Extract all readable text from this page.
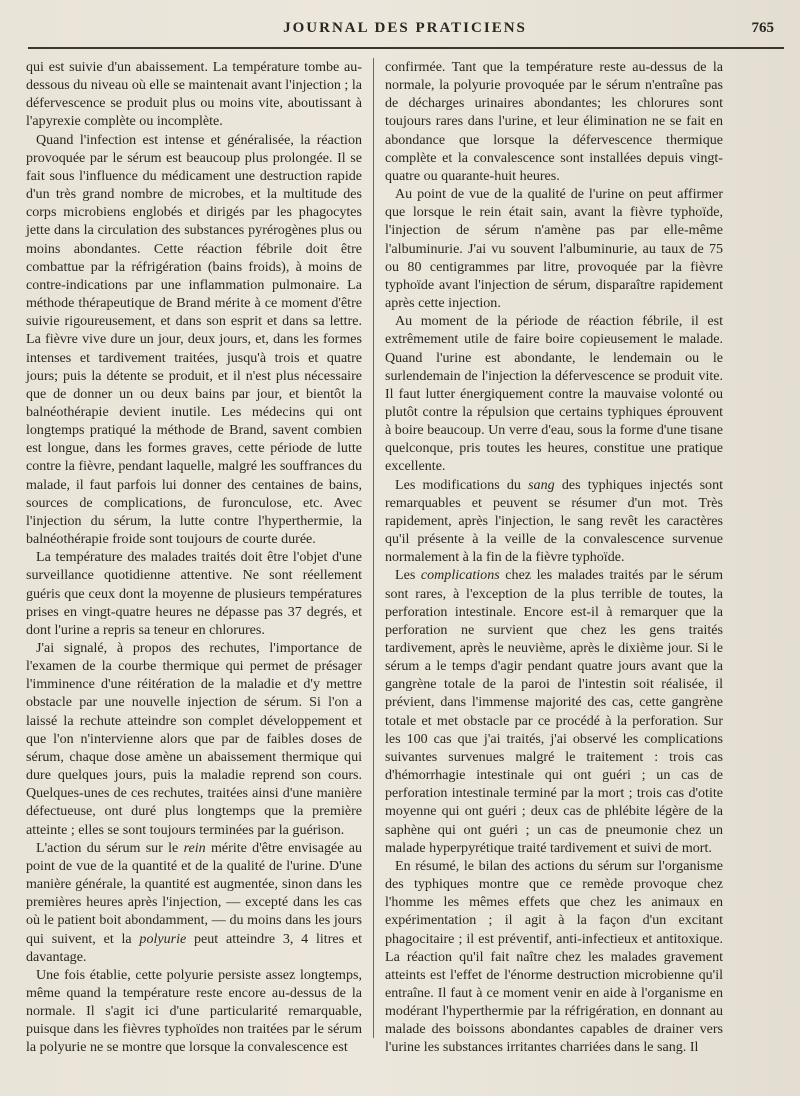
JOURNAL DES PRATICIENS	765

qui est suivie d'un abaissement. La température tombe au-dessous du niveau où elle se maintenait avant l'injection ; la défervescence se produit plus ou moins vite, aboutissant à l'apyrexie complète ou incomplète.

Quand l'infection est intense et généralisée, la réaction provoquée par le sérum est beaucoup plus prolongée. Il se fait sous l'influence du médicament une destruction rapide d'un très grand nombre de microbes, et la multitude des corps microbiens englobés et dirigés par les phagocytes jette dans la circulation des substances pyrérogènes plus ou moins abondantes. Cette réaction fébrile doit être combattue par la réfrigération (bains froids), à moins de contre-indications par une inflammation pulmonaire. La méthode thérapeutique de Brand mérite à ce moment d'être suivie rigoureusement, et dans son esprit et dans sa lettre. La fièvre vive dure un jour, deux jours, et, dans les formes intenses et tardivement traitées, jusqu'à trois et quatre jours; puis la détente se produit, et il n'est plus nécessaire que de donner un ou deux bains par jour, et bientôt la balnéothérapie devient inutile. Les médecins qui ont longtemps pratiqué la méthode de Brand, savent combien est longue, dans les formes graves, cette période de lutte contre la fièvre, pendant laquelle, malgré les souffrances du malade, il faut parfois lui donner des centaines de bains, sources de complications, de furonculose, etc. Avec l'injection du sérum, la lutte contre l'hyperthermie, la balnéothérapie froide sont toujours de courte durée.

La température des malades traités doit être l'objet d'une surveillance quotidienne attentive. Ne sont réellement guéris que ceux dont la moyenne de plusieurs températures prises en vingt-quatre heures ne dépasse pas 37 degrés, et dont l'urine a repris sa teneur en chlorures.

J'ai signalé, à propos des rechutes, l'importance de l'examen de la courbe thermique qui permet de présager l'imminence d'une réitération de la maladie et d'y mettre obstacle par une nouvelle injection de sérum. Si l'on a laissé la rechute atteindre son complet développement et que l'on n'intervienne alors que par de faibles doses de sérum, chaque dose amène un abaissement thermique qui dure quelques jours, puis la maladie reprend son cours. Quelques-unes de ces rechutes, traitées ainsi d'une manière défectueuse, ont duré plus longtemps que la première atteinte ; elles se sont toujours terminées par la guérison.

L'action du sérum sur le rein mérite d'être envisagée au point de vue de la quantité et de la qualité de l'urine. D'une manière générale, la quantité est augmentée, sinon dans les premières heures après l'injection, — excepté dans les cas où le patient boit abondamment, — du moins dans les jours qui suivent, et la polyurie peut atteindre 3, 4 litres et davantage.

Une fois établie, cette polyurie persiste assez longtemps, même quand la température reste encore au-dessus de la normale. Il s'agit ici d'une particularité remarquable, puisque dans les fièvres typhoïdes non traitées par le sérum la polyurie ne se montre que lorsque la convalescence est

confirmée. Tant que la température reste au-dessus de la normale, la polyurie provoquée par le sérum n'entraîne pas de décharges urinaires abondantes; les chlorures sont toujours rares dans l'urine, et leur élimination ne se fait en abondance que lorsque la défervescence thermique complète et la convalescence sont installées depuis vingt-quatre ou quarante-huit heures.

Au point de vue de la qualité de l'urine on peut affirmer que lorsque le rein était sain, avant la fièvre typhoïde, l'injection de sérum n'amène pas par elle-même l'albuminurie. J'ai vu souvent l'albuminurie, au taux de 75 ou 80 centigrammes par litre, provoquée par la fièvre typhoïde avant l'injection de sérum, disparaître rapidement après cette injection.

Au moment de la période de réaction fébrile, il est extrêmement utile de faire boire copieusement le malade. Quand l'urine est abondante, le lendemain ou le surlendemain de l'injection la défervescence se produit vite. Il faut lutter énergiquement contre la mauvaise volonté ou plutôt contre la répulsion que certains typhiques éprouvent à boire beaucoup. Un verre d'eau, sous la forme d'une tisane quelconque, pris toutes les heures, constitue une pratique excellente.

Les modifications du sang des typhiques injectés sont remarquables et peuvent se résumer d'un mot. Très rapidement, après l'injection, le sang revêt les caractères qu'il présente à la veille de la convalescence survenue normalement à la fin de la fièvre typhoïde.

Les complications chez les malades traités par le sérum sont rares, à l'exception de la plus terrible de toutes, la perforation intestinale. Encore est-il à remarquer que la perforation ne survient que chez les gens traités tardivement, après le neuvième, après le dixième jour. Si le sérum a le temps d'agir pendant quatre jours avant que la gangrène totale de la paroi de l'intestin soit réalisée, il prévient, dans l'immense majorité des cas, cette gangrène totale et met obstacle par ce procédé à la perforation. Sur les 100 cas que j'ai traités, j'ai observé les complications suivantes survenues malgré le traitement : trois cas d'hémorrhagie intestinale qui ont guéri ; un cas de perforation intestinale terminé par la mort ; trois cas d'otite moyenne qui ont guéri ; deux cas de phlébite légère de la saphène qui ont guéri ; un cas de pneumonie chez un malade hyperpyrétique traité tardivement et suivi de mort.

En résumé, le bilan des actions du sérum sur l'organisme des typhiques montre que ce remède provoque chez l'homme les mêmes effets que chez les animaux en expérimentation ; il agit à la façon d'un excitant phagocitaire ; il est préventif, anti-infectieux et antitoxique. La réaction qu'il fait naître chez les malades gravement atteints est l'effet de l'énorme destruction microbienne qu'il entraîne. Il faut à ce moment venir en aide à l'organisme en modérant l'hyperthermie par la réfrigération, en donnant au malade des boissons abondantes capables de drainer vers l'urine les substances irritantes charriées dans le sang. Il
